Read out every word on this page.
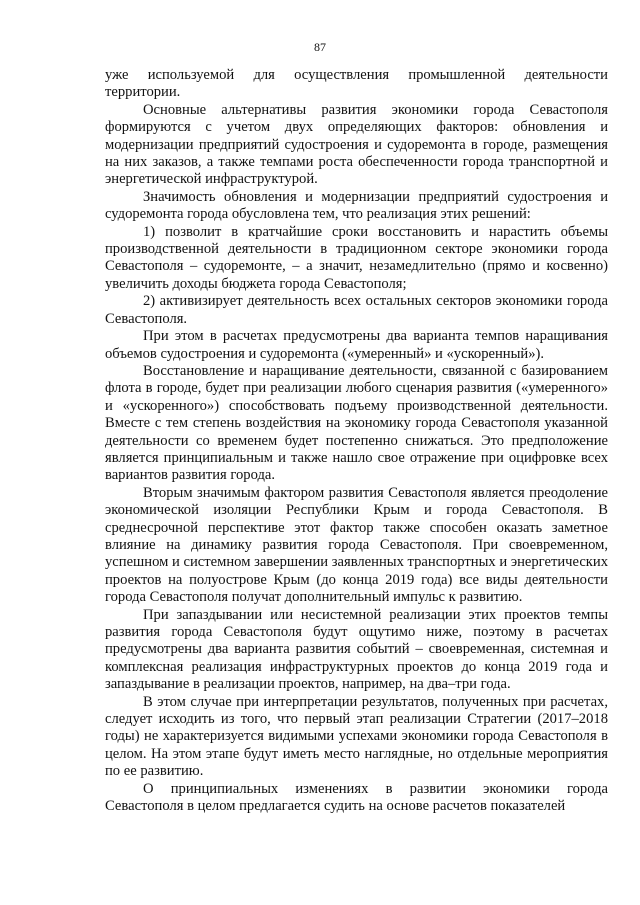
87

уже используемой для осуществления промышленной деятельности территории.

Основные альтернативы развития экономики города Севастополя формируются с учетом двух определяющих факторов: обновления и модернизации предприятий судостроения и судоремонта в городе, размещения на них заказов, а также темпами роста обеспеченности города транспортной и энергетической инфраструктурой.

Значимость обновления и модернизации предприятий судостроения и судоремонта города обусловлена тем, что реализация этих решений:

1) позволит в кратчайшие сроки восстановить и нарастить объемы производственной деятельности в традиционном секторе экономики города Севастополя – судоремонте, – а значит, незамедлительно (прямо и косвенно) увеличить доходы бюджета города Севастополя;

2) активизирует деятельность всех остальных секторов экономики города Севастополя.

При этом в расчетах предусмотрены два варианта темпов наращивания объемов судостроения и судоремонта («умеренный» и «ускоренный»).

Восстановление и наращивание деятельности, связанной с базированием флота в городе, будет при реализации любого сценария развития («умеренного» и «ускоренного») способствовать подъему производственной деятельности. Вместе с тем степень воздействия на экономику города Севастополя указанной деятельности со временем будет постепенно снижаться. Это предположение является принципиальным и также нашло свое отражение при оцифровке всех вариантов развития города.

Вторым значимым фактором развития Севастополя является преодоление экономической изоляции Республики Крым и города Севастополя. В среднесрочной перспективе этот фактор также способен оказать заметное влияние на динамику развития города Севастополя. При своевременном, успешном и системном завершении заявленных транспортных и энергетических проектов на полуострове Крым (до конца 2019 года) все виды деятельности города Севастополя получат дополнительный импульс к развитию.

При запаздывании или несистемной реализации этих проектов темпы развития города Севастополя будут ощутимо ниже, поэтому в расчетах предусмотрены два варианта развития событий – своевременная, системная и комплексная реализация инфраструктурных проектов до конца 2019 года и запаздывание в реализации проектов, например, на два–три года.

В этом случае при интерпретации результатов, полученных при расчетах, следует исходить из того, что первый этап реализации Стратегии (2017–2018 годы) не характеризуется видимыми успехами экономики города Севастополя в целом. На этом этапе будут иметь место наглядные, но отдельные мероприятия по ее развитию.

О принципиальных изменениях в развитии экономики города Севастополя в целом предлагается судить на основе расчетов показателей
